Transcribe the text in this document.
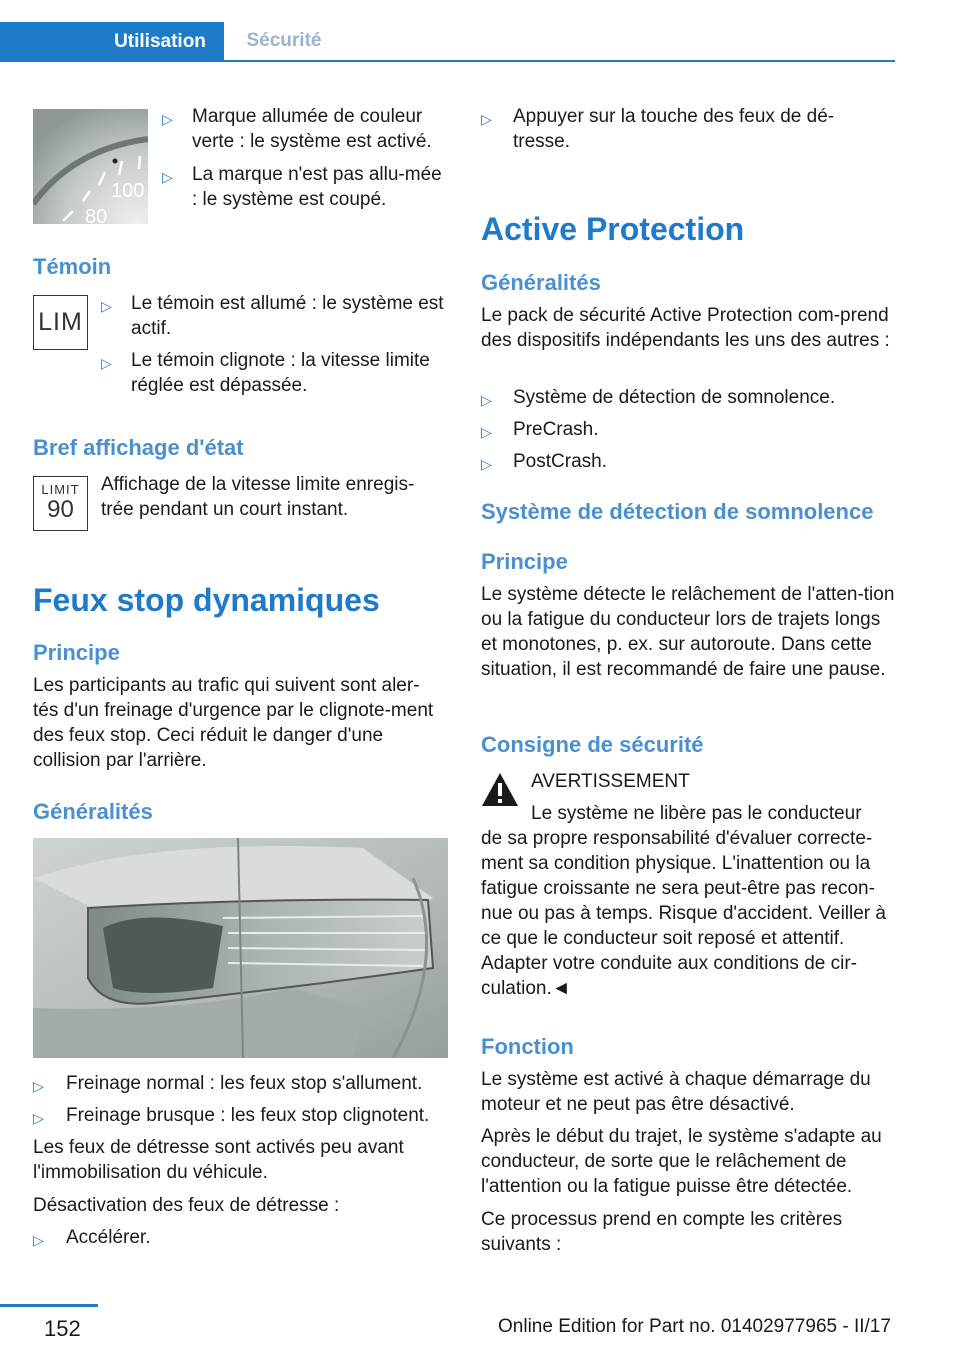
Utilisation	Sécurité
100
80
▷ Marque allumée de couleur verte : le système est activé.
▷ La marque n'est pas allu-mée : le système est coupé.
Témoin
LIM
▷ Le témoin est allumé : le système est actif.
▷ Le témoin clignote : la vitesse limite réglée est dépassée.
Bref affichage d'état
LIMIT
90

Affichage de la vitesse limite enregis-trée pendant un court instant.

Feux stop dynamiques
Principe

Les participants au trafic qui suivent sont aler-tés d'un freinage d'urgence par le clignote-ment des feux stop. Ceci réduit le danger d'une collision par l'arrière.

Généralités
▷ Freinage normal : les feux stop s'allument.
▷ Freinage brusque : les feux stop clignotent.

Les feux de détresse sont activés peu avant l'immobilisation du véhicule.

Désactivation des feux de détresse :

▷ Accélérer.
▷ Appuyer sur la touche des feux de dé-tresse.
Active Protection
Généralités

Le pack de sécurité Active Protection com-prend des dispositifs indépendants les uns des autres :

▷ Système de détection de somnolence.
▷ PreCrash.
▷ PostCrash.
Système de détection de somnolence
Principe

Le système détecte le relâchement de l'atten-tion ou la fatigue du conducteur lors de trajets longs et monotones, p. ex. sur autoroute. Dans cette situation, il est recommandé de faire une pause.

Consigne de sécurité
AVERTISSEMENT

Le système ne libère pas le conducteur

de sa propre responsabilité d'évaluer correcte-ment sa condition physique. L'inattention ou la fatigue croissante ne sera peut-être pas recon-nue ou pas à temps. Risque d'accident. Veiller à ce que le conducteur soit reposé et attentif. Adapter votre conduite aux conditions de cir-culation.◄

Fonction

Le système est activé à chaque démarrage du moteur et ne peut pas être désactivé.

Après le début du trajet, le système s'adapte au conducteur, de sorte que le relâchement de l'attention ou la fatigue puisse être détectée.

Ce processus prend en compte les critères suivants :

152	Online Edition for Part no. 01402977965 - II/17
